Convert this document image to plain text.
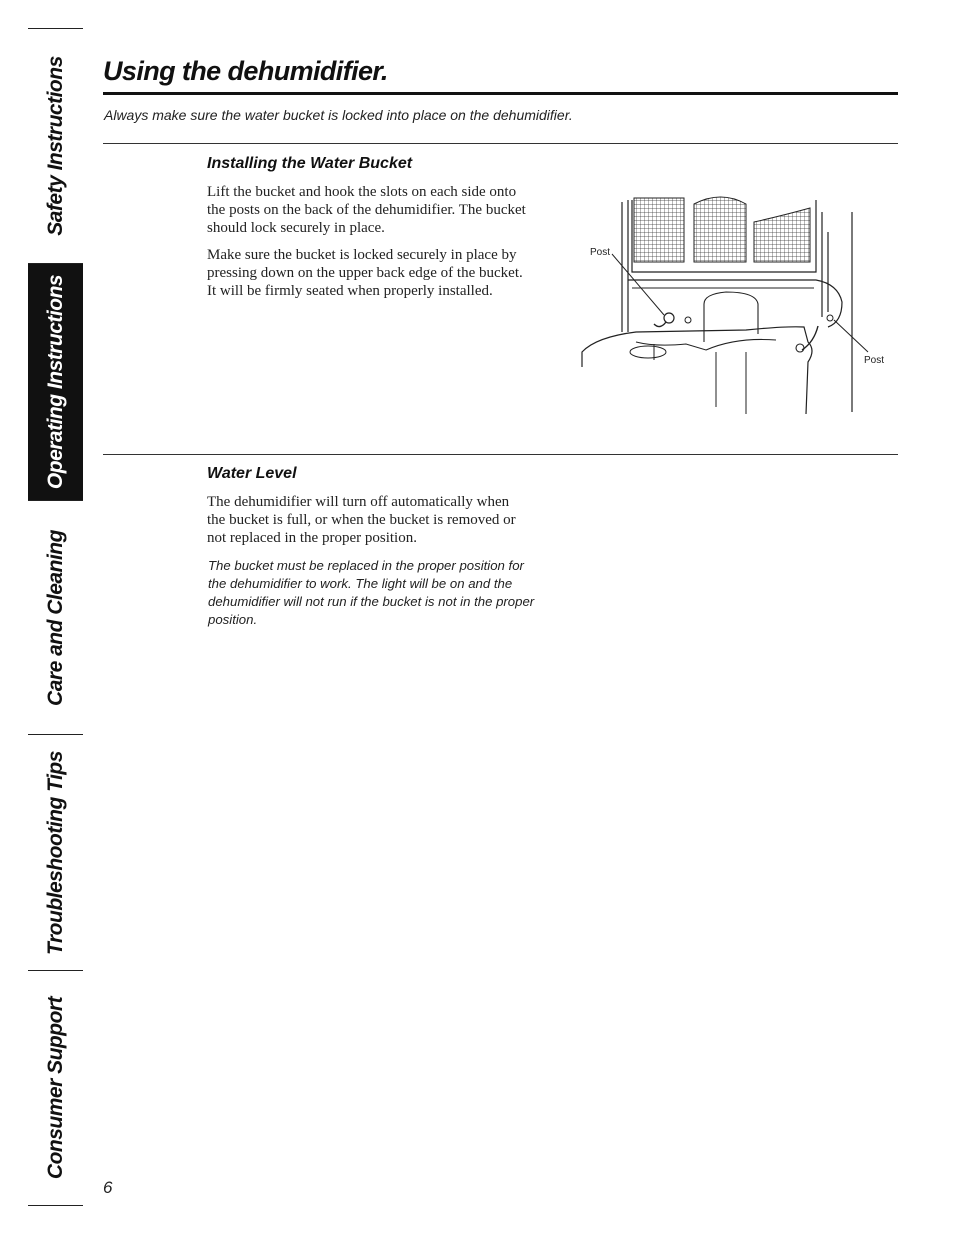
Safety Instructions
Operating Instructions
Care and Cleaning
Troubleshooting Tips
Consumer Support
Using the dehumidifier.

Always make sure the water bucket is locked into place on the dehumidifier.

Installing the Water Bucket

Lift the bucket and hook the slots on each side onto the posts on the back of the dehumidifier. The bucket should lock securely in place.

Make sure the bucket is locked securely in place by pressing down on the upper back edge of the bucket. It will be firmly seated when properly installed.

Post
Post
Water Level

The dehumidifier will turn off automatically when the bucket is full, or when the bucket is removed or not replaced in the proper position.

The bucket must be replaced in the proper position for the dehumidifier to work. The light will be on and the dehumidifier will not run if the bucket is not in the proper position.

6
